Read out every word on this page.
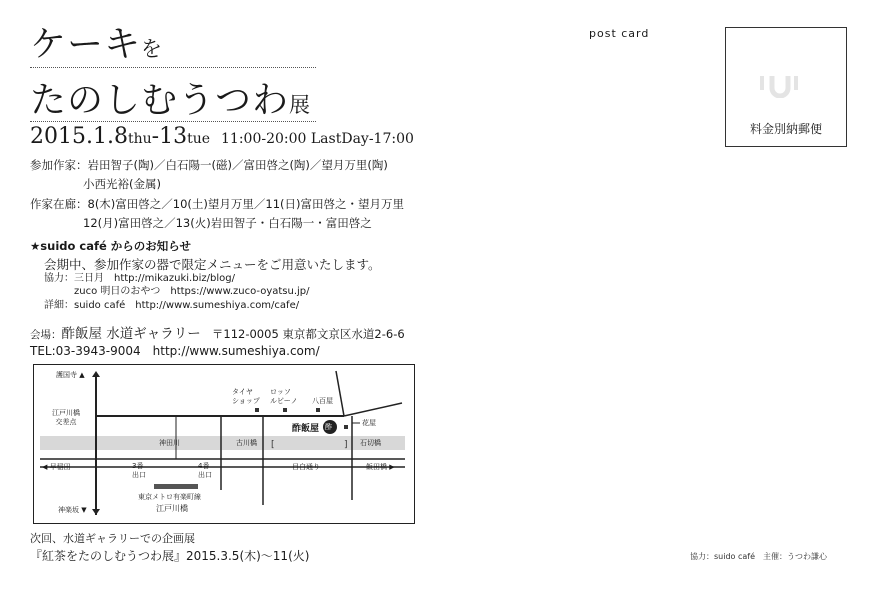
ケーキを
たのしむうつわ展
2015.1.8thu-13tue 11:00-20:00 LastDay-17:00
参加作家：岩田智子(陶)／白石陽一(磁)／富田啓之(陶)／望月万里(陶)
小西光裕(金属)
作家在廊：8(木)富田啓之／10(土)望月万里／11(日)富田啓之・望月万里
12(月)富田啓之／13(火)岩田智子・白石陽一・富田啓之
★suido café からのお知らせ
会期中、参加作家の器で限定メニューをご用意いたします。
協力：三日月　http://mikazuki.biz/blog/
zuco 明日のおやつ　https://www.zuco-oyatsu.jp/
詳細：suido café　http://www.sumeshiya.com/cafe/
会場：酢飯屋 水道ギャラリー 〒112-0005 東京都文京区水道2-6-6
TEL:03-3943-9004　http://www.sumeshiya.com/
[	]
護国寺 ▲
江戸川橋
交差点
神田川	古川橋	石切橋
目白通り
◀ 早稲田	飯田橋 ▶
神楽坂 ▼
3番
出口
4番
出口
東京メトロ有楽町線
江戸川橋
タイヤ
ショップ
ロッソ
ルビーノ 八百屋
花屋
酢飯屋 酢
次回、水道ギャラリーでの企画展
『紅茶をたのしむうつわ展』2015.3.5(木)～11(火)
post card
料金別納郵便
協力：suido café　主催：うつわ謙心
